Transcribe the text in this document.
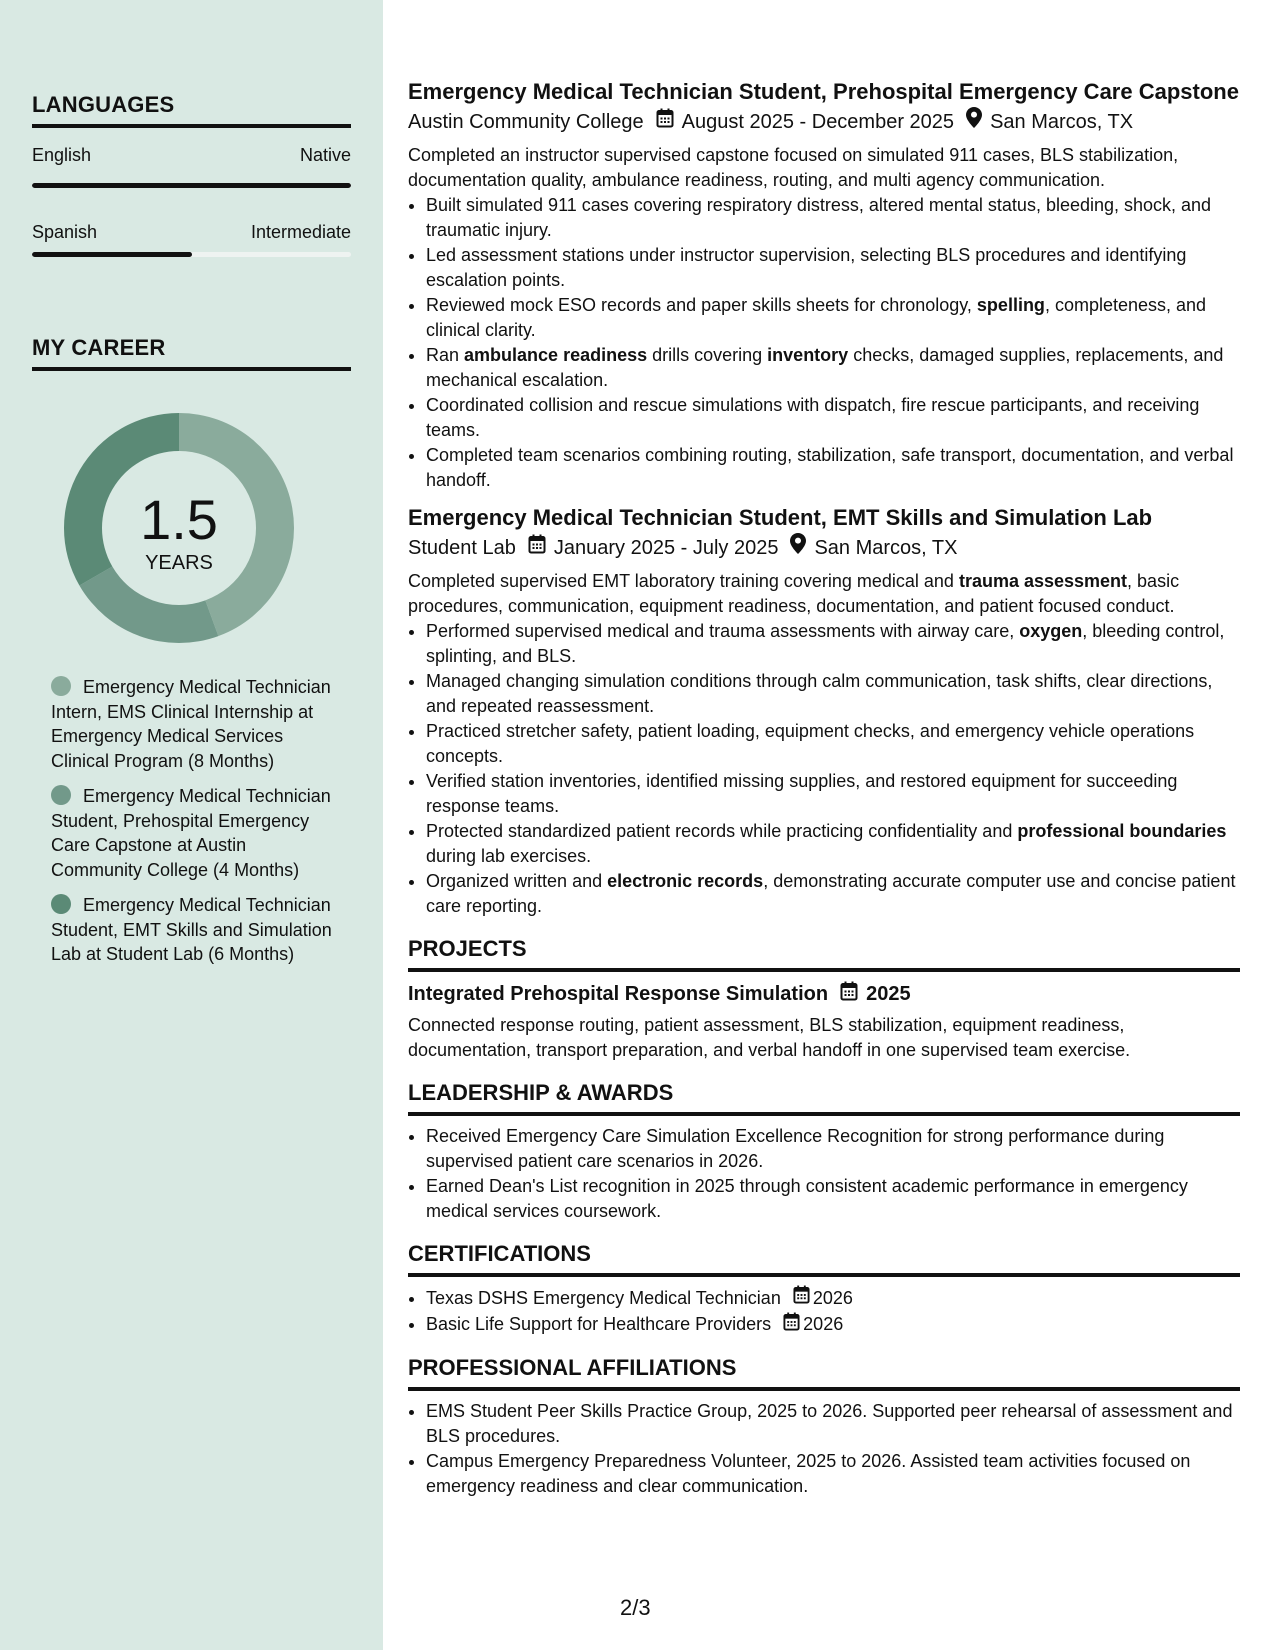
LANGUAGES
English	Native
Spanish	Intermediate
MY CAREER
1.5
YEARS
Emergency Medical Technician Intern, EMS Clinical Internship at Emergency Medical Services Clinical Program (8 Months)
Emergency Medical Technician Student, Prehospital Emergency Care Capstone at Austin Community College (4 Months)
Emergency Medical Technician Student, EMT Skills and Simulation Lab at Student Lab (6 Months)
Emergency Medical Technician Student, Prehospital Emergency Care Capstone
Austin Community College August 2025 - December 2025 San Marcos, TX
Completed an instructor supervised capstone focused on simulated 911 cases, BLS stabilization, documentation quality, ambulance readiness, routing, and multi agency communication.
• Built simulated 911 cases covering respiratory distress, altered mental status, bleeding, shock, and traumatic injury.
• Led assessment stations under instructor supervision, selecting BLS procedures and identifying escalation points.
• Reviewed mock ESO records and paper skills sheets for chronology, spelling, completeness, and clinical clarity.
• Ran ambulance readiness drills covering inventory checks, damaged supplies, replacements, and mechanical escalation.
• Coordinated collision and rescue simulations with dispatch, fire rescue participants, and receiving teams.
• Completed team scenarios combining routing, stabilization, safe transport, documentation, and verbal handoff.
Emergency Medical Technician Student, EMT Skills and Simulation Lab
Student Lab January 2025 - July 2025 San Marcos, TX
Completed supervised EMT laboratory training covering medical and trauma assessment, basic procedures, communication, equipment readiness, documentation, and patient focused conduct.
• Performed supervised medical and trauma assessments with airway care, oxygen, bleeding control, splinting, and BLS.
• Managed changing simulation conditions through calm communication, task shifts, clear directions, and repeated reassessment.
• Practiced stretcher safety, patient loading, equipment checks, and emergency vehicle operations concepts.
• Verified station inventories, identified missing supplies, and restored equipment for succeeding response teams.
• Protected standardized patient records while practicing confidentiality and professional boundaries during lab exercises.
• Organized written and electronic records, demonstrating accurate computer use and concise patient care reporting.
PROJECTS
Integrated Prehospital Response Simulation 2025
Connected response routing, patient assessment, BLS stabilization, equipment readiness, documentation, transport preparation, and verbal handoff in one supervised team exercise.
LEADERSHIP & AWARDS
• Received Emergency Care Simulation Excellence Recognition for strong performance during supervised patient care scenarios in 2026.
• Earned Dean's List recognition in 2025 through consistent academic performance in emergency medical services coursework.
CERTIFICATIONS
• Texas DSHS Emergency Medical Technician 2026
• Basic Life Support for Healthcare Providers 2026
PROFESSIONAL AFFILIATIONS
• EMS Student Peer Skills Practice Group, 2025 to 2026. Supported peer rehearsal of assessment and BLS procedures.
• Campus Emergency Preparedness Volunteer, 2025 to 2026. Assisted team activities focused on emergency readiness and clear communication.
2/3
